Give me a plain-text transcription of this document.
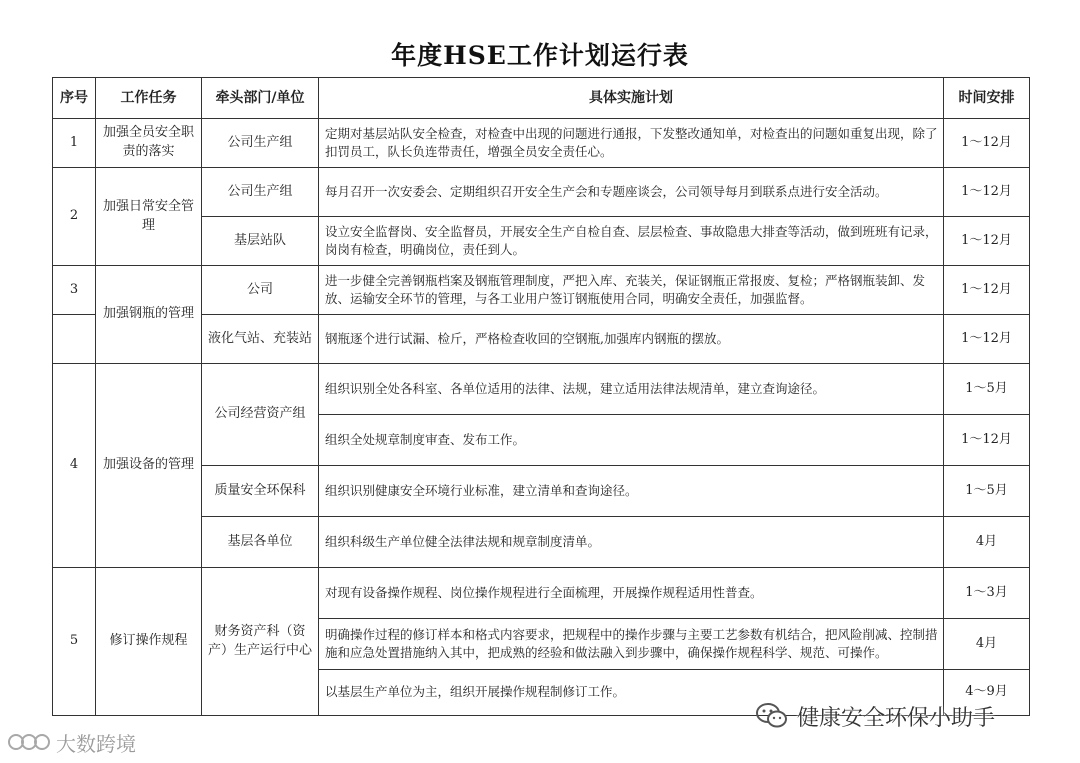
年度HSE工作计划运行表
序号	工作任务	牵头部门/单位	具体实施计划	时间安排
1	加强全员安全职责的落实	公司生产组	定期对基层站队安全检查，对检查中出现的问题进行通报，下发整改通知单，对检查出的问题如重复出现，除了扣罚员工，队长负连带责任，增强全员安全责任心。	1～12月
2	加强日常安全管理	公司生产组	每月召开一次安委会、定期组织召开安全生产会和专题座谈会，公司领导每月到联系点进行安全活动。	1～12月
		基层站队	设立安全监督岗、安全监督员，开展安全生产自检自查、层层检查、事故隐患大排查等活动，做到班班有记录，岗岗有检查，明确岗位，责任到人。	1～12月
3	加强钢瓶的管理	公司	进一步健全完善钢瓶档案及钢瓶管理制度，严把入库、充装关，保证钢瓶正常报废、复检；严格钢瓶装卸、发放、运输安全环节的管理，与各工业用户签订钢瓶使用合同，明确安全责任，加强监督。	1～12月
		液化气站、充装站	钢瓶逐个进行试漏、检斤，严格检查收回的空钢瓶,加强库内钢瓶的摆放。	1～12月
4	加强设备的管理	公司经营资产组	组织识别全处各科室、各单位适用的法律、法规，建立适用法律法规清单，建立查询途径。	1～5月
			组织全处规章制度审查、发布工作。	1～12月
		质量安全环保科	组织识别健康安全环境行业标准，建立清单和查询途径。	1～5月
		基层各单位	组织科级生产单位健全法律法规和规章制度清单。	4月
5	修订操作规程	财务资产科（资产）生产运行中心	对现有设备操作规程、岗位操作规程进行全面梳理，开展操作规程适用性普查。	1～3月
			明确操作过程的修订样本和格式内容要求，把规程中的操作步骤与主要工艺参数有机结合，把风险削减、控制措施和应急处置措施纳入其中，把成熟的经验和做法融入到步骤中，确保操作规程科学、规范、可操作。	4月
			以基层生产单位为主，组织开展操作规程制修订工作。	4～9月
大数跨境
健康安全环保小助手
